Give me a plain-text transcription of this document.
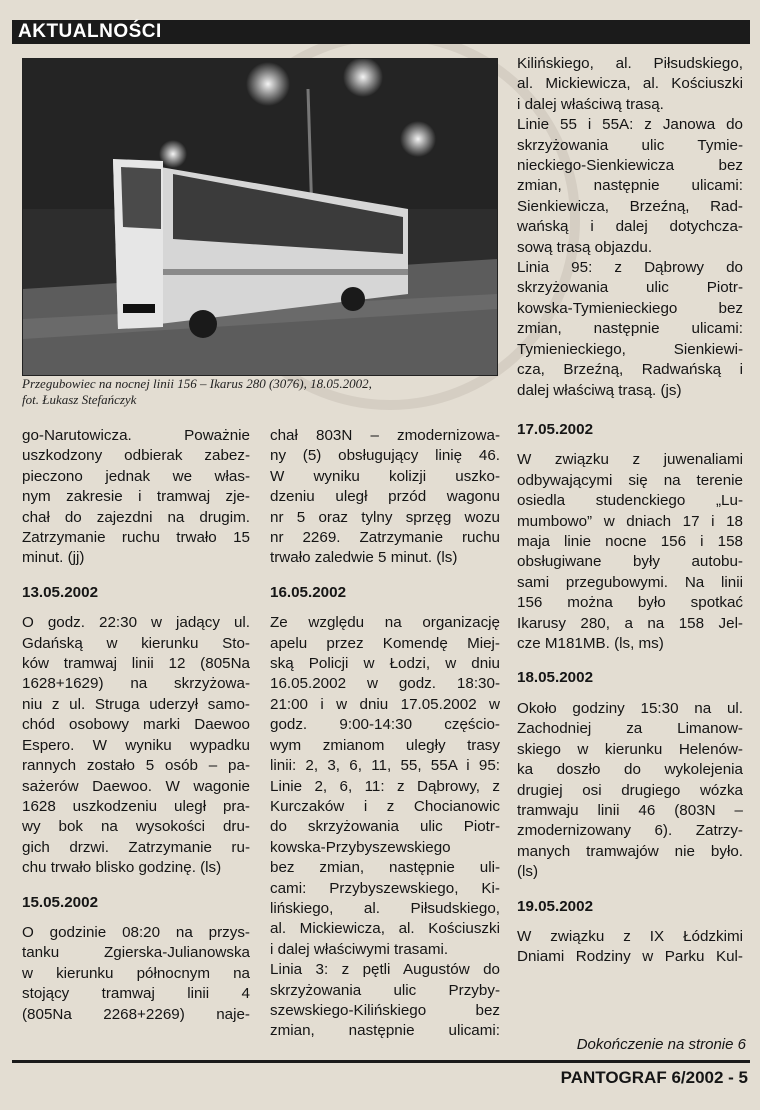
AKTUALNOŚCI
Przegubowiec na nocnej linii 156 – Ikarus 280 (3076), 18.05.2002,
fot. Łukasz Stefańczyk

go-Narutowicza. Poważnie

uszkodzony odbierak zabez-

pieczono jednak we włas-

nym zakresie i tramwaj zje-

chał do zajezdni na drugim.

Zatrzymanie ruchu trwało 15

minut. (jj)

13.05.2002

O godz. 22:30 w jadący ul.

Gdańską w kierunku Sto-

ków tramwaj linii 12 (805Na

1628+1629) na skrzyżowa-

niu z ul. Struga uderzył samo-

chód osobowy marki Daewoo

Espero. W wyniku wypadku

rannych zostało 5 osób – pa-

sażerów Daewoo. W wagonie

1628 uszkodzeniu uległ pra-

wy bok na wysokości dru-

gich drzwi. Zatrzymanie ru-

chu trwało blisko godzinę. (ls)

15.05.2002

O godzinie 08:20 na przys-

tanku Zgierska-Julianowska

w kierunku północnym na

stojący tramwaj linii 4

(805Na 2268+2269) naje-

chał 803N – zmodernizowa-

ny (5) obsługujący linię 46.

W wyniku kolizji uszko-

dzeniu uległ przód wagonu

nr 5 oraz tylny sprzęg wozu

nr 2269. Zatrzymanie ruchu

trwało zaledwie 5 minut. (ls)

16.05.2002

Ze względu na organizację

apelu przez Komendę Miej-

ską Policji w Łodzi, w dniu

16.05.2002 w godz. 18:30-

21:00 i w dniu 17.05.2002 w

godz. 9:00-14:30 częścio-

wym zmianom uległy trasy

linii: 2, 3, 6, 11, 55, 55A i 95:

Linie 2, 6, 11: z Dąbrowy, z

Kurczaków i z Chocianowic

do skrzyżowania ulic Piotr-

kowska-Przybyszewskiego

bez zmian, następnie uli-

cami: Przybyszewskiego, Ki-

lińskiego, al. Piłsudskiego,

al. Mickiewicza, al. Kościuszki

i dalej właściwymi trasami.

Linia 3: z pętli Augustów do

skrzyżowania ulic Przyby-

szewskiego-Kilińskiego bez

zmian, następnie ulicami:

Kilińskiego, al. Piłsudskiego,

al. Mickiewicza, al. Kościuszki

i dalej właściwą trasą.

Linie 55 i 55A: z Janowa do

skrzyżowania ulic Tymie-

nieckiego-Sienkiewicza bez

zmian, następnie ulicami:

Sienkiewicza, Brzeźną, Rad-

wańską i dalej dotychcza-

sową trasą objazdu.

Linia 95: z Dąbrowy do

skrzyżowania ulic Piotr-

kowska-Tymienieckiego bez

zmian, następnie ulicami:

Tymienieckiego, Sienkiewi-

cza, Brzeźną, Radwańską i

dalej właściwą trasą. (js)

17.05.2002

W związku z juwenaliami

odbywającymi się na terenie

osiedla studenckiego „Lu-

mumbowo” w dniach 17 i 18

maja linie nocne 156 i 158

obsługiwane były autobu-

sami przegubowymi. Na linii

156 można było spotkać

Ikarusy 280, a na 158 Jel-

cze M181MB. (ls, ms)

18.05.2002

Około godziny 15:30 na ul.

Zachodniej za Limanow-

skiego w kierunku Helenów-

ka doszło do wykolejenia

drugiej osi drugiego wózka

tramwaju linii 46 (803N –

zmodernizowany 6). Zatrzy-

manych tramwajów nie było.

(ls)

19.05.2002

W związku z IX Łódzkimi

Dniami Rodziny w Parku Kul-

Dokończenie na stronie 6
PANTOGRAF 6/2002 - 5
